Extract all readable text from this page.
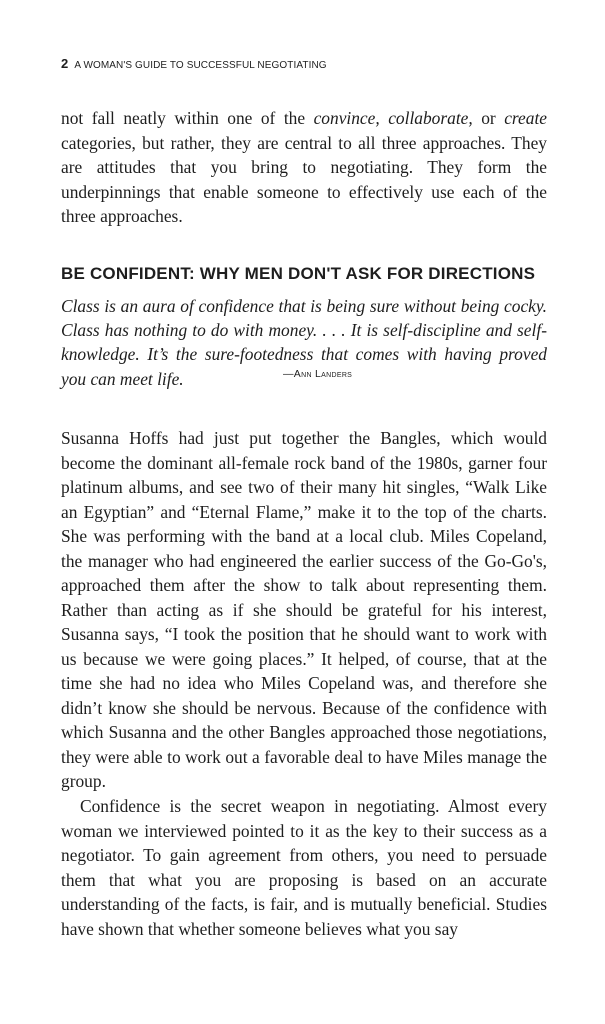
2 A WOMAN'S GUIDE TO SUCCESSFUL NEGOTIATING

not fall neatly within one of the convince, collaborate, or create categories, but rather, they are central to all three approaches. They are attitudes that you bring to negotiating. They form the underpinnings that enable someone to effectively use each of the three approaches.

BE CONFIDENT: WHY MEN DON'T ASK FOR DIRECTIONS

Class is an aura of confidence that is being sure without being cocky. Class has nothing to do with money. . . . It is self-discipline and self-knowledge. It’s the sure-footedness that comes with having proved you can meet life.	—Ann Landers

Susanna Hoffs had just put together the Bangles, which would become the dominant all-female rock band of the 1980s, garner four platinum albums, and see two of their many hit singles, “Walk Like an Egyptian” and “Eternal Flame,” make it to the top of the charts. She was performing with the band at a local club. Miles Copeland, the manager who had engineered the earlier success of the Go-Go's, approached them after the show to talk about representing them. Rather than acting as if she should be grateful for his interest, Susanna says, “I took the position that he should want to work with us because we were going places.” It helped, of course, that at the time she had no idea who Miles Copeland was, and therefore she didn’t know she should be nervous. Because of the confidence with which Susanna and the other Bangles approached those negotiations, they were able to work out a favorable deal to have Miles manage the group.

Confidence is the secret weapon in negotiating. Almost every woman we interviewed pointed to it as the key to their success as a negotiator. To gain agreement from others, you need to persuade them that what you are proposing is based on an accurate understanding of the facts, is fair, and is mutually beneficial. Studies have shown that whether someone believes what you say
